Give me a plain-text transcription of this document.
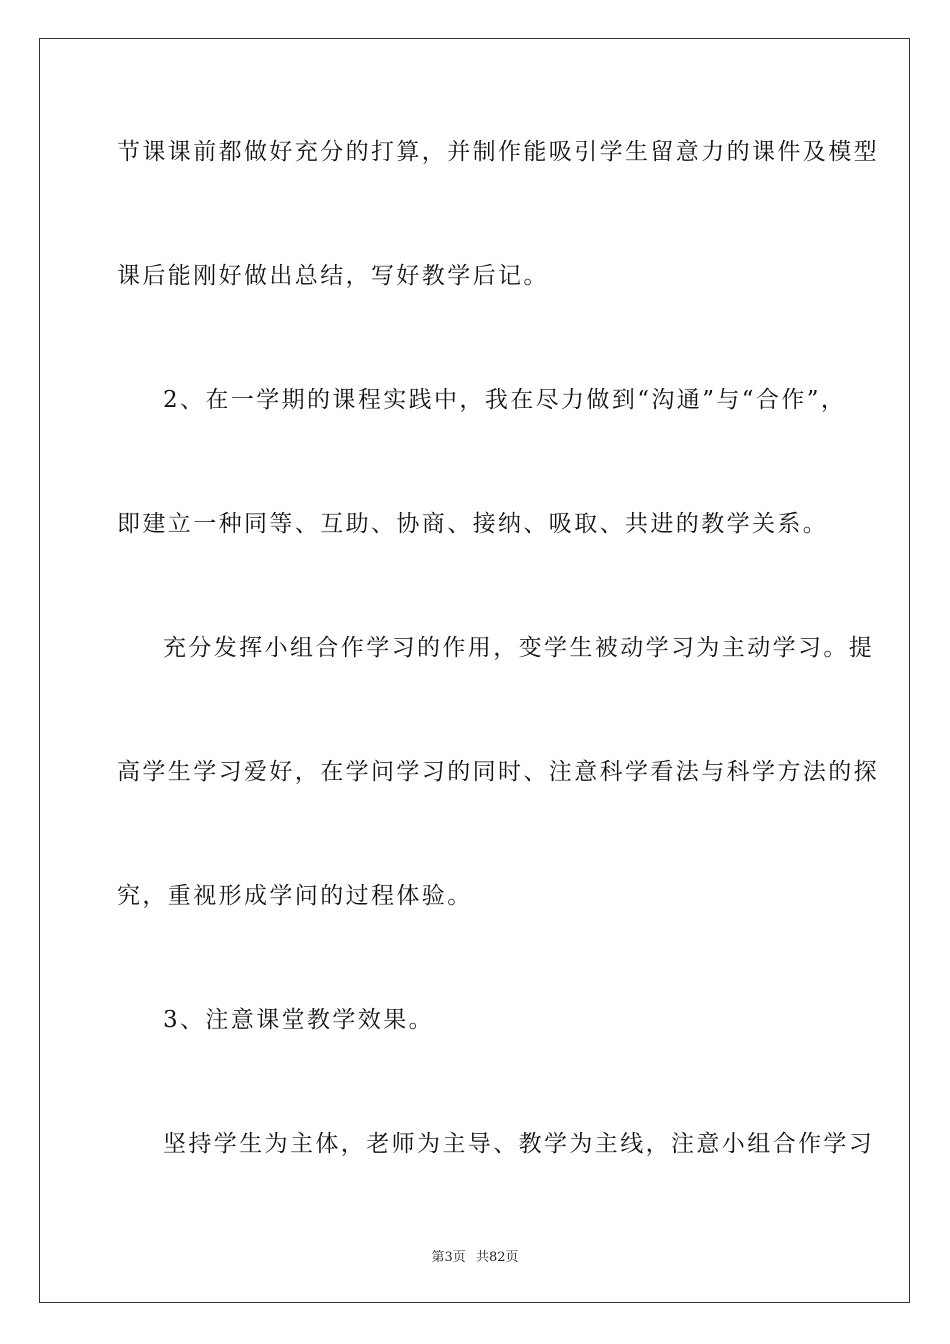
节课课前都做好充分的打算，并制作能吸引学生留意力的课件及模型
课后能刚好做出总结，写好教学后记。
2、在一学期的课程实践中，我在尽力做到“沟通”与“合作”，
即建立一种同等、互助、协商、接纳、吸取、共进的教学关系。
充分发挥小组合作学习的作用，变学生被动学习为主动学习。提
高学生学习爱好，在学问学习的同时、注意科学看法与科学方法的探
究，重视形成学问的过程体验。
3、注意课堂教学效果。
坚持学生为主体，老师为主导、教学为主线，注意小组合作学习
第3页 共82页
